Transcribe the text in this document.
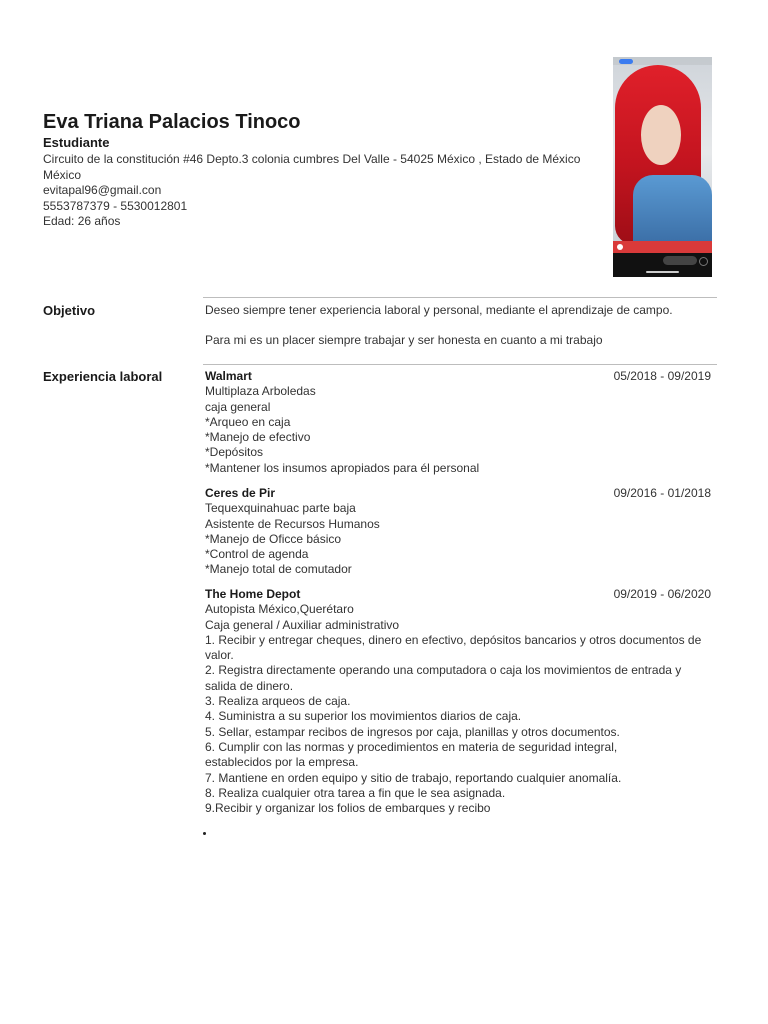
Eva Triana Palacios Tinoco
Estudiante
Circuito de la constitución #46 Depto.3 colonia cumbres Del Valle - 54025 México , Estado de México
México
evitapal96@gmail.con
5553787379 - 5530012801
Edad: 26 años
Objetivo	Deseo siempre tener experiencia laboral y personal, mediante el aprendizaje de campo.

Para mi es un placer siempre trabajar y ser honesta en cuanto a mi trabajo

Experiencia laboral	Walmart	05/2018 - 09/2019
Multiplaza Arboledas
caja general
*Arqueo en caja
*Manejo de efectivo
*Depósitos
*Mantener los insumos apropiados para él personal
Ceres de Pir	09/2016 - 01/2018
Tequexquinahuac parte baja
Asistente de Recursos Humanos
*Manejo de Oficce básico
*Control de agenda
*Manejo total de comutador
The Home Depot	09/2019 - 06/2020
Autopista México,Querétaro
Caja general / Auxiliar administrativo
1. Recibir y entregar cheques, dinero en efectivo, depósitos bancarios y otros documentos de valor.
2. Registra directamente operando una computadora o caja los movimientos de entrada y salida de dinero.
3. Realiza arqueos de caja.
4. Suministra a su superior los movimientos diarios de caja.
5. Sellar, estampar recibos de ingresos por caja, planillas y otros documentos.
6. Cumplir con las normas y procedimientos en materia de seguridad integral, establecidos por la empresa.
7. Mantiene en orden equipo y sitio de trabajo, reportando cualquier anomalía.
8. Realiza cualquier otra tarea a fin que le sea asignada.
9.Recibir y organizar los folios de embarques y recibo
